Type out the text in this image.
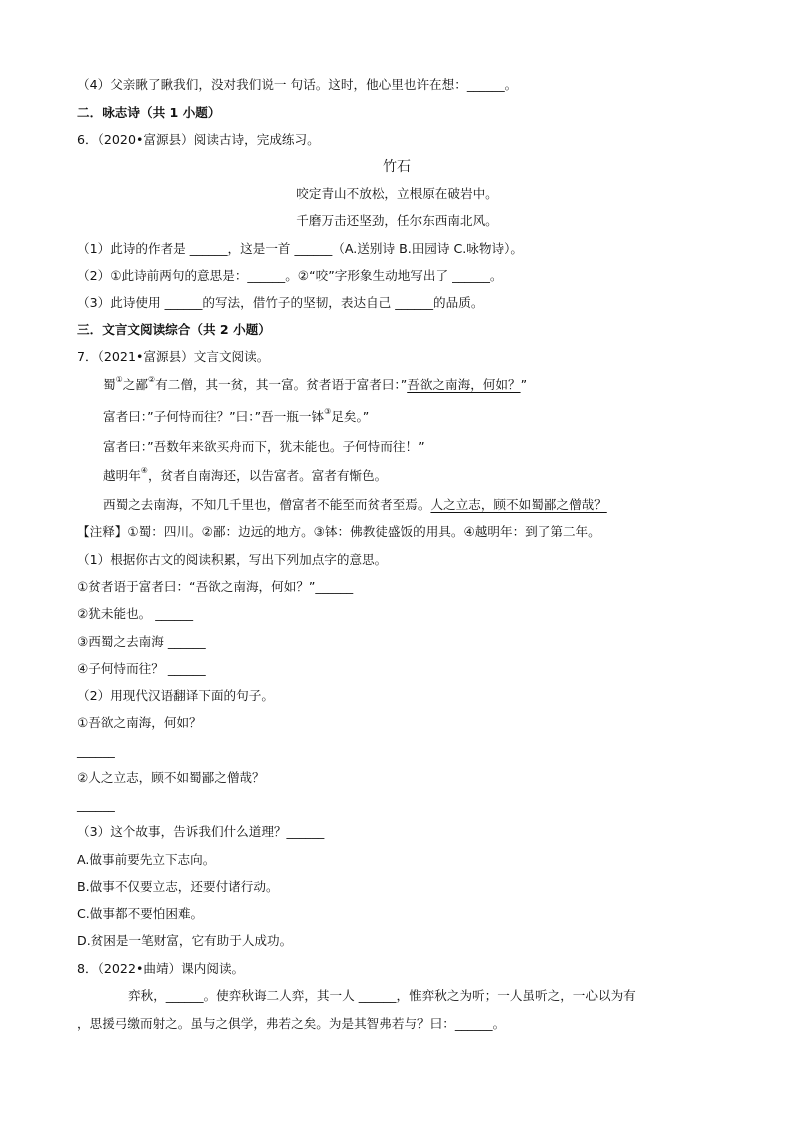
（4）父亲瞅了瞅我们，没对我们说一 句话。这时，他心里也许在想：______。
二．咏志诗（共 1 小题）
6．（2020•富源县）阅读古诗，完成练习。
竹石
咬定青山不放松，立根原在破岩中。
千磨万击还坚劲，任尔东西南北风。
（1）此诗的作者是 ______，这是一首 ______（A.送别诗 B.田园诗 C.咏物诗）。
（2）①此诗前两句的意思是：______。②“咬”字形象生动地写出了 ______。
（3）此诗使用 ______的写法，借竹子的坚韧，表达自己 ______的品质。
三．文言文阅读综合（共 2 小题）
7．（2021•富源县）文言文阅读。
蜀①之鄙②有二僧，其一贫，其一富。贫者语于富者曰：”吾欲之南海，何如？”
富者曰：”子何恃而往？”曰：”吾一瓶一钵③足矣。”
富者曰：”吾数年来欲买舟而下，犹未能也。子何恃而往！”
越明年④，贫者自南海还，以告富者。富者有惭色。
西蜀之去南海，不知几千里也，僧富者不能至而贫者至焉。人之立志，顾不如蜀鄙之僧哉？
【注释】①蜀：四川。②鄙：边远的地方。③钵：佛教徒盛饭的用具。④越明年：到了第二年。
（1）根据你古文的阅读积累，写出下列加点字的意思。
①贫者语于富者曰：“吾欲之南海，何如？”______
②犹未能也。 ______
③西蜀之去南海 ______
④子何恃而往？ ______
（2）用现代汉语翻译下面的句子。
①吾欲之南海，何如？
______
②人之立志，顾不如蜀鄙之僧哉？
______
（3）这个故事，告诉我们什么道理？______
A.做事前要先立下志向。
B.做事不仅要立志，还要付诸行动。
C.做事都不要怕困难。
D.贫困是一笔财富，它有助于人成功。
8．（2022•曲靖）课内阅读。
弈秋，______。使弈秋诲二人弈，其一人 ______，惟弈秋之为听；一人虽听之，一心以为有
，思援弓缴而射之。虽与之俱学，弗若之矣。为是其智弗若与？曰：______。
